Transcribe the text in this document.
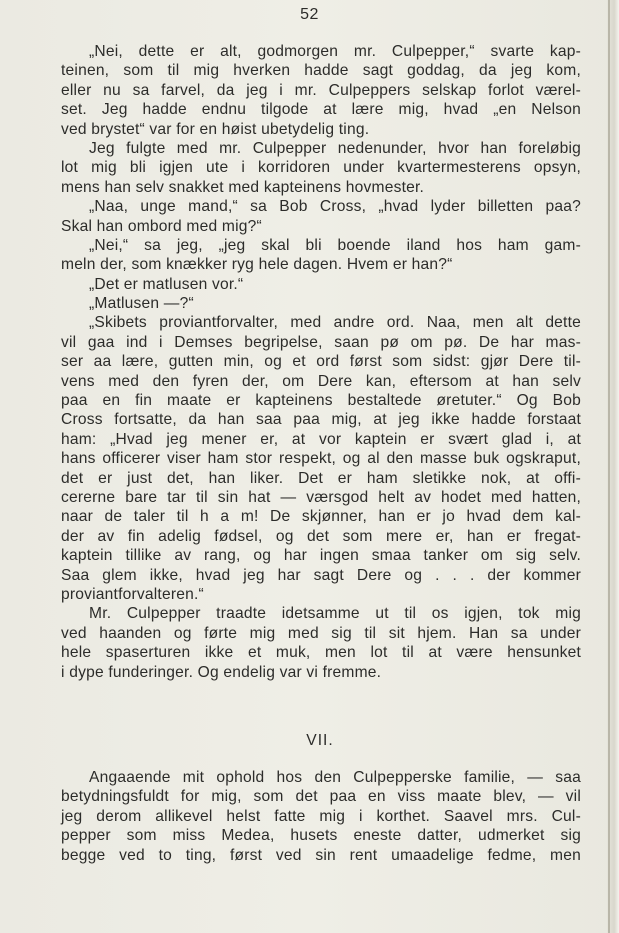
52
„Nei, dette er alt, godmorgen mr. Culpepper,“ svarte kap-
teinen, som til mig hverken hadde sagt goddag, da jeg kom,
eller nu sa farvel, da jeg i mr. Culpeppers selskap forlot værel-
set. Jeg hadde endnu tilgode at lære mig, hvad „en Nelson
ved brystet“ var for en høist ubetydelig ting.
Jeg fulgte med mr. Culpepper nedenunder, hvor han foreløbig
lot mig bli igjen ute i korridoren under kvartermesterens opsyn,
mens han selv snakket med kapteinens hovmester.
„Naa, unge mand,“ sa Bob Cross, „hvad lyder billetten paa?
Skal han ombord med mig?“
„Nei,“ sa jeg, „jeg skal bli boende iland hos ham gam-
meln der, som knækker ryg hele dagen. Hvem er han?“
„Det er matlusen vor.“
„Matlusen —?“
„Skibets proviantforvalter, med andre ord. Naa, men alt dette
vil gaa ind i Demses begripelse, saan pø om pø. De har mas-
ser aa lære, gutten min, og et ord først som sidst: gjør Dere til-
vens med den fyren der, om Dere kan, eftersom at han selv
paa en fin maate er kapteinens bestaltede øretuter.“ Og Bob
Cross fortsatte, da han saa paa mig, at jeg ikke hadde forstaat
ham: „Hvad jeg mener er, at vor kaptein er svært glad i, at
hans officerer viser ham stor respekt, og al den masse buk ogskraput,
det er just det, han liker. Det er ham sletikke nok, at offi-
cererne bare tar til sin hat — værsgod helt av hodet med hatten,
naar de taler til h a m! De skjønner, han er jo hvad dem kal-
der av fin adelig fødsel, og det som mere er, han er fregat-
kaptein tillike av rang, og har ingen smaa tanker om sig selv.
Saa glem ikke, hvad jeg har sagt Dere og . . . der kommer
proviantforvalteren.“
Mr. Culpepper traadte idetsamme ut til os igjen, tok mig
ved haanden og førte mig med sig til sit hjem. Han sa under
hele spaserturen ikke et muk, men lot til at være hensunket
i dype funderinger. Og endelig var vi fremme.
VII.
Angaaende mit ophold hos den Culpepperske familie, — saa
betydningsfuldt for mig, som det paa en viss maate blev, — vil
jeg derom allikevel helst fatte mig i korthet. Saavel mrs. Cul-
pepper som miss Medea, husets eneste datter, udmerket sig
begge ved to ting, først ved sin rent umaadelige fedme, men
